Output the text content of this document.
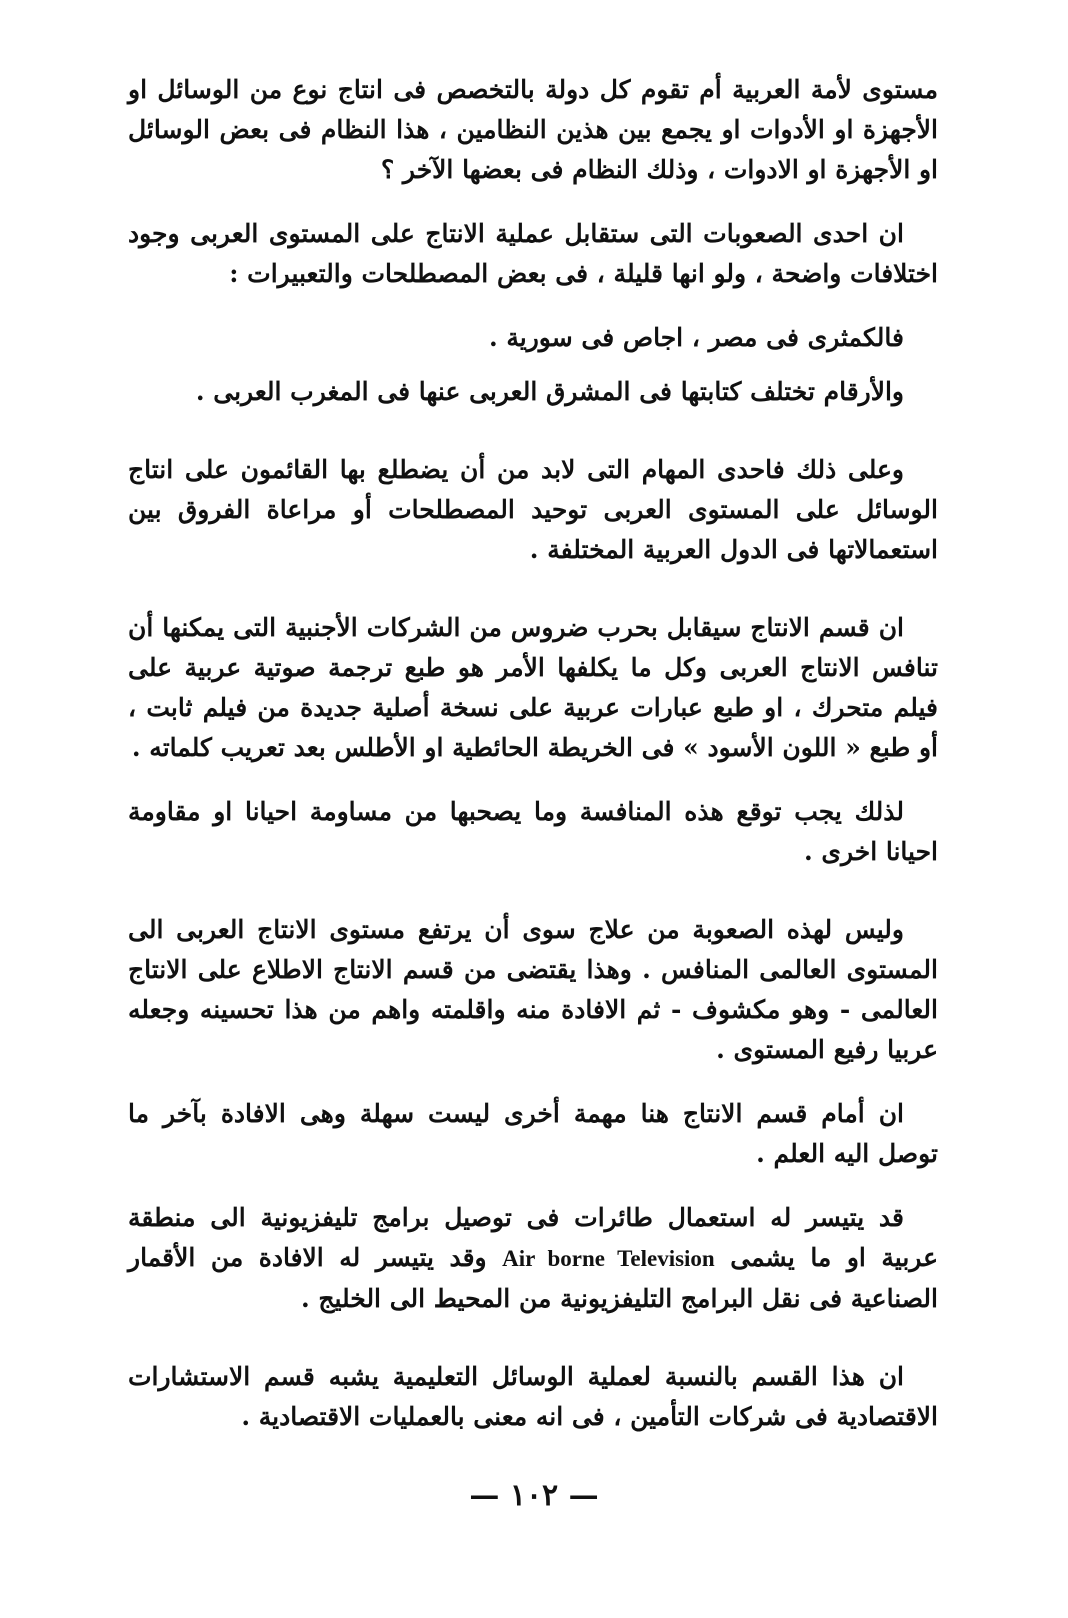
مستوى لأمة العربية أم تقوم كل دولة بالتخصص فى انتاج نوع من الوسائل او الأجهزة او الأدوات او يجمع بين هذين النظامين ، هذا النظام فى بعض الوسائل او الأجهزة او الادوات ، وذلك النظام فى بعضها الآخر ؟

ان احدى الصعوبات التى ستقابل عملية الانتاج على المستوى العربى وجود اختلافات واضحة ، ولو انها قليلة ، فى بعض المصطلحات والتعبيرات :

فالكمثرى فى مصر ، اجاص فى سورية .

والأرقام تختلف كتابتها فى المشرق العربى عنها فى المغرب العربى .

وعلى ذلك فاحدى المهام التى لابد من أن يضطلع بها القائمون على انتاج الوسائل على المستوى العربى توحيد المصطلحات أو مراعاة الفروق بين استعمالاتها فى الدول العربية المختلفة .

ان قسم الانتاج سيقابل بحرب ضروس من الشركات الأجنبية التى يمكنها أن تنافس الانتاج العربى وكل ما يكلفها الأمر هو طبع ترجمة صوتية عربية على فيلم متحرك ، او طبع عبارات عربية على نسخة أصلية جديدة من فيلم ثابت ، أو طبع « اللون الأسود » فى الخريطة الحائطية او الأطلس بعد تعريب كلماته .

لذلك يجب توقع هذه المنافسة وما يصحبها من مساومة احيانا او مقاومة احيانا اخرى .

وليس لهذه الصعوبة من علاج سوى أن يرتفع مستوى الانتاج العربى الى المستوى العالمى المنافس . وهذا يقتضى من قسم الانتاج الاطلاع على الانتاج العالمى - وهو مكشوف - ثم الافادة منه واقلمته واهم من هذا تحسينه وجعله عربيا رفيع المستوى .

ان أمام قسم الانتاج هنا مهمة أخرى ليست سهلة وهى الافادة بآخر ما توصل اليه العلم .

قد يتيسر له استعمال طائرات فى توصيل برامج تليفزيونية الى منطقة عربية او ما يشمى Air borne Television وقد يتيسر له الافادة من الأقمار الصناعية فى نقل البرامج التليفزيونية من المحيط الى الخليج .

ان هذا القسم بالنسبة لعملية الوسائل التعليمية يشبه قسم الاستشارات الاقتصادية فى شركات التأمين ، فى انه معنى بالعمليات الاقتصادية .

— ١٠٢ —
